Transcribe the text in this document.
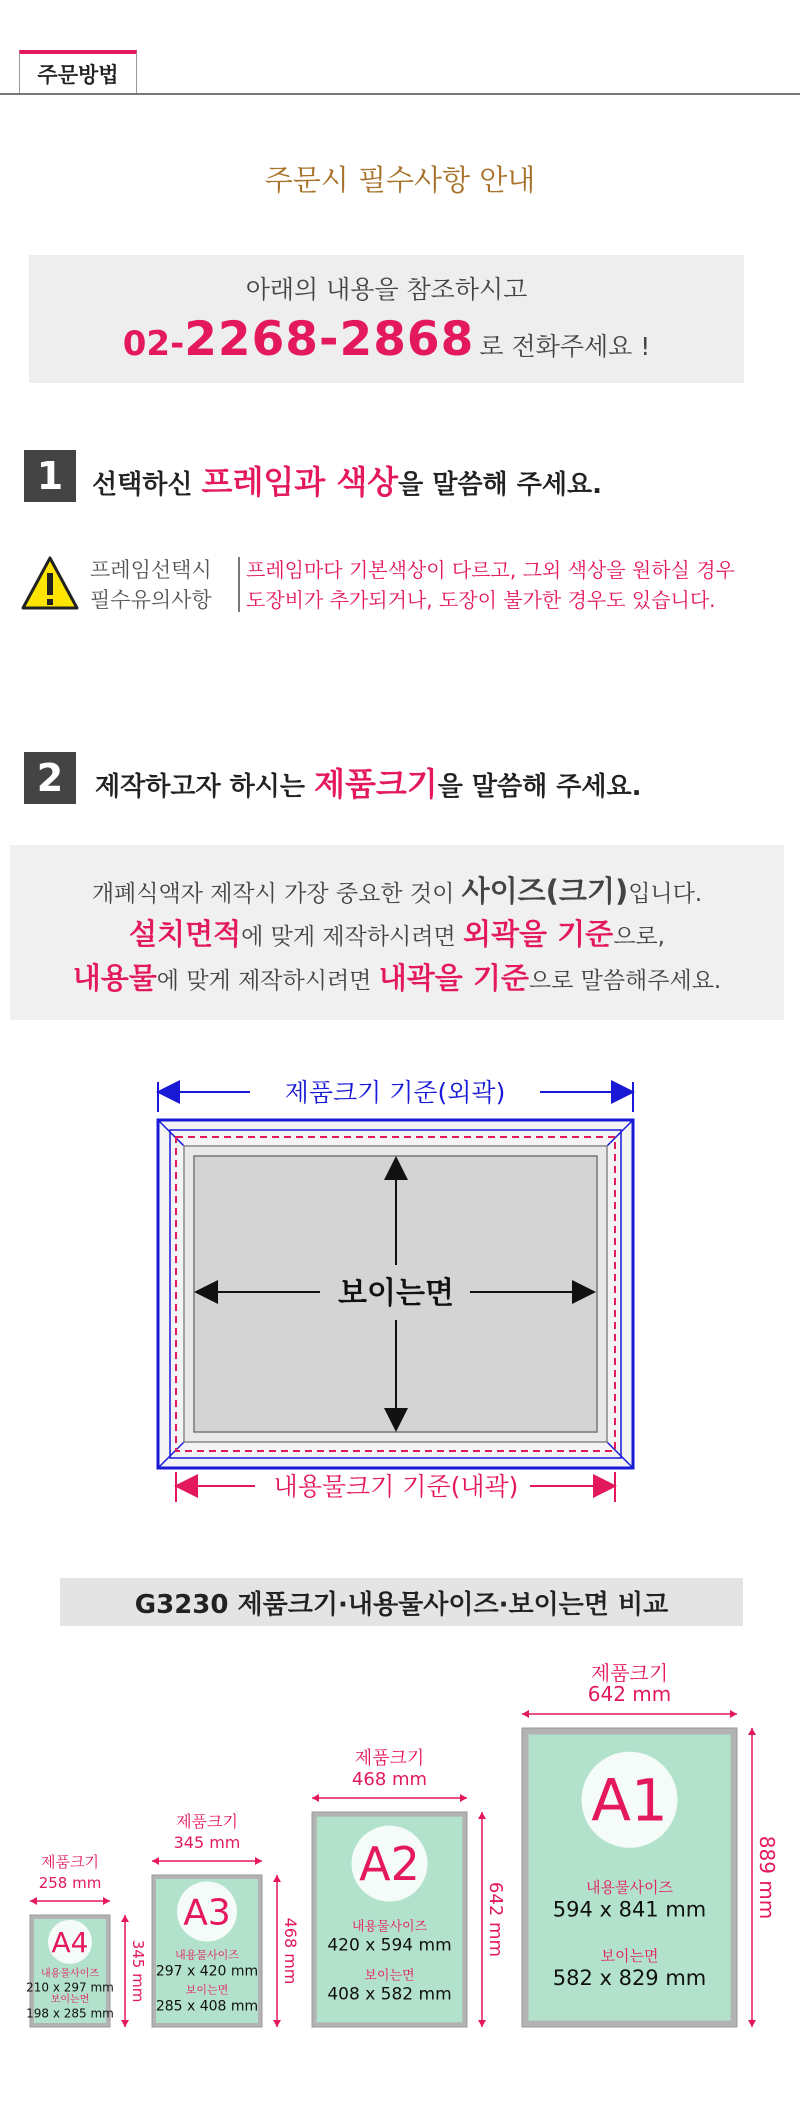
주문방법
주문시 필수사항 안내
아래의 내용을 참조하시고
02-2268-2868 로 전화주세요 !
1	선택하신 프레임과 색상을 말씀해 주세요.
프레임선택시
필수유의사항
프레임마다 기본색상이 다르고, 그외 색상을 원하실 경우
도장비가 추가되거나, 도장이 불가한 경우도 있습니다.
2	제작하고자 하시는 제품크기을 말씀해 주세요.
개폐식액자 제작시 가장 중요한 것이 사이즈(크기)입니다.
설치면적에 맞게 제작하시려면 외곽을 기준으로,
내용물에 맞게 제작하시려면 내곽을 기준으로 말씀해주세요.
제품크기 기준(외곽)
보이는면
내용물크기 기준(내곽)
G3230 제품크기·내용물사이즈·보이는면 비교
제품크기
258 mm
345 mm
A4
내용물사이즈
210 x 297 mm
보이는면
198 x 285 mm
제품크기
345 mm
468 mm
A3
내용물사이즈
297 x 420 mm
보이는면
285 x 408 mm
제품크기
468 mm
642 mm
A2
내용물사이즈
420 x 594 mm
보이는면
408 x 582 mm
제품크기
642 mm
889 mm
A1
내용물사이즈
594 x 841 mm
보이는면
582 x 829 mm
